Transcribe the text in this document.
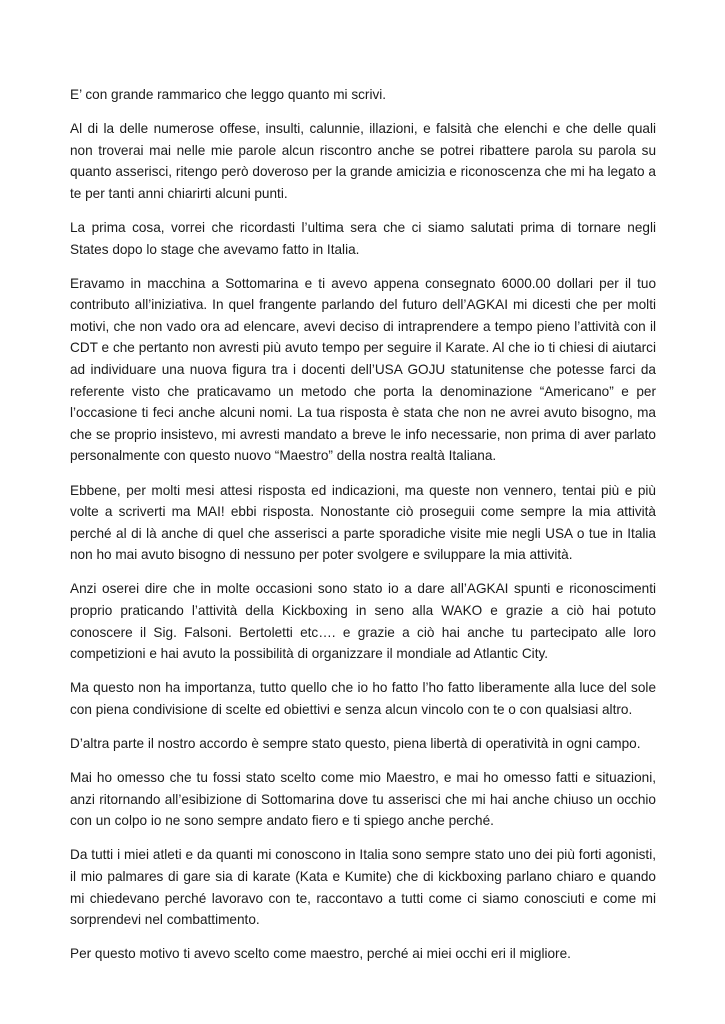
E’ con grande rammarico che leggo quanto mi scrivi.

Al di la delle numerose offese, insulti, calunnie, illazioni, e falsità che elenchi e che delle quali non troverai mai nelle mie parole alcun riscontro anche se potrei ribattere parola su parola su quanto asserisci, ritengo però doveroso per la grande amicizia e riconoscenza che mi ha legato a te per tanti anni chiarirti alcuni punti.

La prima cosa, vorrei che ricordasti l’ultima sera che ci siamo salutati prima di tornare negli States dopo lo stage che avevamo fatto in Italia.

Eravamo in macchina a Sottomarina e ti avevo appena consegnato 6000.00 dollari per il tuo contributo all’iniziativa. In quel frangente parlando del futuro dell’AGKAI mi dicesti che per molti motivi, che non vado ora ad elencare, avevi deciso di intraprendere a tempo pieno l’attività con il CDT e che pertanto non avresti più avuto tempo per seguire il Karate. Al che io ti chiesi di aiutarci ad individuare una nuova figura tra i docenti dell’USA GOJU statunitense che potesse farci da referente visto che praticavamo un metodo che porta la denominazione “Americano” e per l’occasione ti feci anche alcuni nomi. La tua risposta è stata che non ne avrei avuto bisogno, ma che se proprio insistevo, mi avresti mandato a breve le info necessarie, non prima di aver parlato personalmente con questo nuovo “Maestro” della nostra realtà Italiana.

Ebbene, per molti mesi attesi risposta ed indicazioni, ma queste non vennero, tentai più e più volte a scriverti ma MAI! ebbi risposta. Nonostante ciò proseguii come sempre la mia attività perché al di là anche di quel che asserisci a parte sporadiche visite mie negli USA o tue in Italia non ho mai avuto bisogno di nessuno per poter svolgere e sviluppare la mia attività.

Anzi oserei dire che in molte occasioni sono stato io a dare all’AGKAI spunti e riconoscimenti proprio praticando l’attività della Kickboxing in seno alla WAKO e grazie a ciò hai potuto conoscere il Sig. Falsoni. Bertoletti etc…. e grazie a ciò hai anche tu partecipato alle loro competizioni e hai avuto la possibilità di organizzare il mondiale ad Atlantic City.

Ma questo non ha importanza, tutto quello che io ho fatto l’ho fatto liberamente alla luce del sole con piena condivisione di scelte ed obiettivi e senza alcun vincolo con te o con qualsiasi altro.

D’altra parte il nostro accordo è sempre stato questo, piena libertà di operatività in ogni campo.

Mai ho omesso che tu fossi stato scelto come mio Maestro, e mai ho omesso fatti e situazioni, anzi ritornando all’esibizione di Sottomarina dove tu asserisci che mi hai anche chiuso un occhio con un colpo io ne sono sempre andato fiero e ti spiego anche perché.

Da tutti i miei atleti e da quanti mi conoscono in Italia sono sempre stato uno dei più forti agonisti, il mio palmares di gare sia di karate (Kata e Kumite) che di kickboxing parlano chiaro e quando mi chiedevano perché lavoravo con te, raccontavo a tutti come ci siamo conosciuti e come mi sorprendevi nel combattimento.

Per questo motivo ti avevo scelto come maestro, perché ai miei occhi eri il migliore.
